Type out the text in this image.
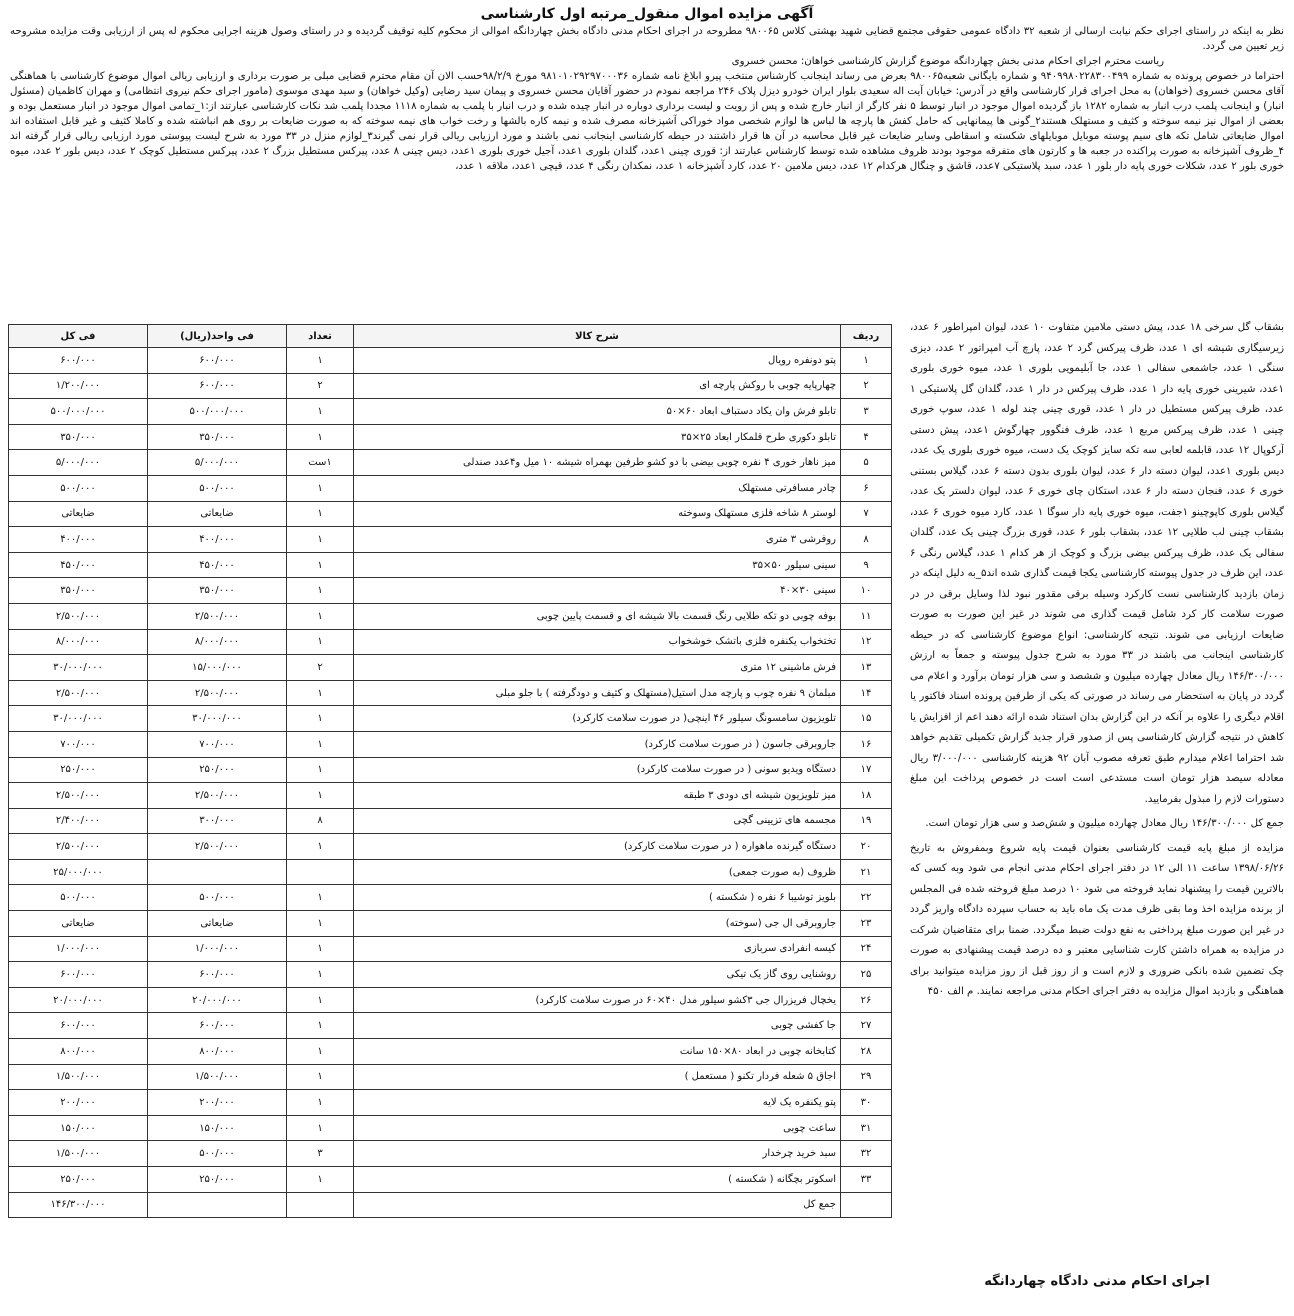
آگهی مزایده اموال منقول_مرتبه اول کارشناسی

نظر به اینکه در راستای اجرای حکم نیابت ارسالی از شعبه ۳۲ دادگاه عمومی حقوقی مجتمع قضایی شهید بهشتی کلاس ۹۸۰۰۶۵ مطروحه در اجرای احکام مدنی دادگاه بخش چهاردانگه اموالی از محکوم کلیه توقیف گردیده و در راستای وصول هزینه اجرایی محکوم له پس از ارزیابی وقت مزایده مشروحه زیر تعیین می گردد.

ریاست محترم اجرای احکام مدنی بخش چهاردانگه موضوع گزارش کارشناسی خواهان: محسن خسروی

احتراما در خصوص پرونده به شماره ۹۴۰۹۹۸۰۲۲۸۳۰۰۴۹۹ و شماره بایگانی شعبه۹۸۰۰۶۵ بعرض می رساند اینجانب کارشناس منتخب پیرو ابلاغ نامه شماره ۹۸۱۰۱۰۲۹۲۹۷۰۰۰۳۶ مورخ ۹۸/۲/۹حسب الان آن مقام محترم قضایی مبلی بر صورت برداری و ارزیابی ریالی اموال موضوع کارشناسی با هماهنگی آقای محسن خسروی (خواهان) به محل اجرای قرار کارشناسی واقع در آدرس: خیابان آیت اله سعیدی بلوار ایران خودرو دیزل پلاک ۲۴۶ مراجعه نمودم در حضور آقایان محسن خسروی و پیمان سید رضایی (وکیل خواهان) و سید مهدی موسوی (مامور اجرای حکم نیروی انتظامی) و مهران کاظمیان (مسئول انبار) و اینجانب پلمب درب انبار به شماره ۱۲۸۲ باز گردیده اموال موجود در انبار توسط ۵ نفر کارگر از انبار خارج شده و پس از رویت و لیست برداری دوباره در انبار چیده شده و درب انبار با پلمب به شماره ۱۱۱۸ مجددا پلمب شد نکات کارشناسی عبارتند از:۱_تمامی اموال موجود در انبار مستعمل بوده و بعضی از اموال نیز نیمه سوخته و کثیف و مستهلک هستند۲_گونی ها پیمانهایی که حامل کفش ها پارچه ها لباس ها لوازم شخصی مواد خوراکی آشپزخانه مصرف شده و نیمه کاره بالشها و رخت خواب های نیمه سوخته که به صورت ضایعات بر روی هم انباشته شده و کاملا کثیف و غیر قابل استفاده اند اموال ضایعاتی شامل تکه های سیم پوسته موبایل موبایلهای شکسته و اسقاطی وسایر ضایعات غیر قابل محاسبه در آن ها قرار داشتند در حیطه کارشناسی اینجانب نمی باشند و مورد ارزیابی ریالی قرار نمی گیرند۳_لوازم منزل در ۳۳ مورد به شرح لیست پیوستی مورد ارزیابی ریالی قرار گرفته اند ۴_ظروف آشپزخانه به صورت پراکنده در جعبه ها و کارتون های متفرقه موجود بودند ظروف مشاهده شده توسط کارشناس عبارتند از: قوری چینی ۱عدد، گلدان بلوری ۱عدد، آجیل خوری بلوری ۱عدد، دیس چینی ۸ عدد، پیرکس مستطیل بزرگ ۲ عدد، پیرکس مستطیل کوچک ۲ عدد، دیس بلور ۲ عدد، میوه خوری بلور ۲ عدد، شکلات خوری پایه دار بلور ۱ عدد، سبد پلاستیکی ۷عدد، قاشق و چنگال هرکدام ۱۲ عدد، دیس ملامین ۲۰ عدد، کارد آشپزخانه ۱ عدد، نمکدان رنگی ۴ عدد، قیچی ۱عدد، ملاقه ۱ عدد،

بشقاب گل سرخی ۱۸ عدد، پیش دستی ملامین متفاوت ۱۰ عدد، لیوان امپراطور ۶ عدد، زیرسیگاری شیشه ای ۱ عدد، ظرف پیرکس گرد ۲ عدد، پارچ آب امپراتور ۲ عدد، دیزی سنگی ۱ عدد، جاشمعی سفالی ۱ عدد، جا آبلیمویی بلوری ۱ عدد، میوه خوری بلوری ۱عدد، شیرینی خوری پایه دار ۱ عدد، ظرف پیرکس در دار ۱ عدد، گلدان گل پلاستیکی ۱ عدد، ظرف پیرکس مستطیل در دار ۱ عدد، قوری چینی چند لوله ۱ عدد، سوپ خوری چینی ۱ عدد، ظرف پیرکس مربع ۱ عدد، ظرف فنگوور چهارگوش ۱عدد، پیش دستی آرکوپال ۱۲ عدد، قابلمه لعابی سه تکه سایز کوچک یک دست، میوه خوری بلوری یک عدد، دیس بلوری ۱عدد، لیوان دسته دار ۶ عدد، لیوان بلوری بدون دسته ۶ عدد، گیلاس بستنی خوری ۶ عدد، فنجان دسته دار ۶ عدد، استکان چای خوری ۶ عدد، لیوان دلستر یک عدد، گیلاس بلوری کاپوچینو ۱جفت، میوه خوری پایه دار سوگا ۱ عدد، کارد میوه خوری ۶ عدد، بشقاب چینی لب طلایی ۱۲ عدد، بشقاب بلور ۶ عدد، قوری بزرگ چینی یک عدد، گلدان سفالی یک عدد، ظرف پیرکس بیضی بزرگ و کوچک از هر کدام ۱ عدد، گیلاس رنگی ۶ عدد، این ظرف در جدول پیوسته کارشناسی یکجا قیمت گذاری شده اند۵_به دلیل اینکه در زمان بازدید کارشناسی نست کارکرد وسیله برقی مقدور نبود لذا وسایل برقی در در صورت سلامت کار کرد شامل قیمت گذاری می شوند در غیر این صورت به صورت ضایعات ارزیابی می شوند. نتیجه کارشناسی: انواع موضوع کارشناسی که در حیطه کارشناسی اینجانب می باشند در ۳۳ مورد به شرح جدول پیوسته و جمعاً به ارزش ۱۴۶/۳۰۰/۰۰۰ ریال معادل چهارده میلیون و ششصد و سی هزار تومان برآورد و اعلام می گردد در پایان به استحضار می رساند در صورتی که یکی از طرفین پرونده اسناد فاکتور یا اقلام دیگری را علاوه بر آنکه در این گزارش بدان استناد شده ارائه دهند اعم از افزایش یا کاهش در نتیجه گزارش کارشناسی پس از صدور قرار جدید گزارش تکمیلی تقدیم خواهد شد احتراما اعلام میدارم طبق تعرفه مصوب آبان ۹۲ هزینه کارشناسی ۳/۰۰۰/۰۰۰ ریال معادله سیصد هزار تومان است مستدعی است است در خصوص پرداخت این مبلغ دستورات لازم را مبذول بفرمایید.

جمع کل ۱۴۶/۳۰۰/۰۰۰ ریال معادل چهارده میلیون و شش‌صد و سی هزار تومان است.

مزایده از مبلغ پایه قیمت کارشناسی بعنوان قیمت پایه شروع وبمفروش به تاریخ ۱۳۹۸/۰۶/۲۶ ساعت ۱۱ الی ۱۲ در دفتر اجرای احکام مدنی انجام می شود وبه کسی که بالاترین قیمت را پیشنهاد نماید فروخته می شود ۱۰ درصد مبلغ فروخته شده فی المجلس از برنده مزایده اخذ وما بقی ظرف مدت یک ماه باید به حساب سپرده دادگاه واریز گردد در غیر این صورت مبلغ پرداختی به نفع دولت ضبط میگردد. ضمنا برای متقاضیان شرکت در مزایده به همراه داشتن کارت شناسایی معتبر و ده درصد قیمت پیشنهادی به صورت چک تضمین شده بانکی ضروری و لازم است و از روز قبل از روز مزایده میتوانید برای هماهنگی و بازدید اموال مزایده به دفتر اجرای احکام مدنی مراجعه نمایند. م الف ۴۵۰

اجرای احکام مدنی دادگاه چهاردانگه
ردیف	شرح کالا	تعداد	فی واحد(ریال)	فی کل
۱	پتو دونفره رویال	۱	۶۰۰/۰۰۰	۶۰۰/۰۰۰
۲	چهارپایه چوبی با روکش پارچه ای	۲	۶۰۰/۰۰۰	۱/۲۰۰/۰۰۰
۳	تابلو فرش وان یکاد دستباف ابعاد ۶۰×۵۰	۱	۵۰۰/۰۰۰/۰۰۰	۵۰۰/۰۰۰/۰۰۰
۴	تابلو دکوری طرح قلمکار ابعاد ۲۵×۳۵	۱	۳۵۰/۰۰۰	۳۵۰/۰۰۰
۵	میز ناهار خوری ۴ نفره چوبی بیضی با دو کشو طرفین بهمراه شیشه ۱۰ میل و۴عدد صندلی	۱ست	۵/۰۰۰/۰۰۰	۵/۰۰۰/۰۰۰
۶	چادر مسافرتی مستهلک	۱	۵۰۰/۰۰۰	۵۰۰/۰۰۰
۷	لوستر ۸ شاخه فلزی مستهلک وسوخته	۱	ضایعاتی	ضایعاتی
۸	روفرشی ۳ متری	۱	۴۰۰/۰۰۰	۴۰۰/۰۰۰
۹	سینی سیلور ۵۰×۳۵	۱	۴۵۰/۰۰۰	۴۵۰/۰۰۰
۱۰	سینی ۳۰×۴۰	۱	۳۵۰/۰۰۰	۳۵۰/۰۰۰
۱۱	بوفه چوبی دو تکه طلایی رنگ قسمت بالا شیشه ای و قسمت پایین چوبی	۱	۲/۵۰۰/۰۰۰	۲/۵۰۰/۰۰۰
۱۲	تختخواب یکنفره فلزی باتشک خوشخواب	۱	۸/۰۰۰/۰۰۰	۸/۰۰۰/۰۰۰
۱۳	فرش ماشینی ۱۲ متری	۲	۱۵/۰۰۰/۰۰۰	۳۰/۰۰۰/۰۰۰
۱۴	مبلمان ۹ نفره چوب و پارچه مدل استیل(مستهلک و کثیف و دودگرفته ) با جلو مبلی	۱	۲/۵۰۰/۰۰۰	۲/۵۰۰/۰۰۰
۱۵	تلویزیون سامسونگ سیلور ۴۶ اینچی( در صورت سلامت کارکرد)	۱	۳۰/۰۰۰/۰۰۰	۳۰/۰۰۰/۰۰۰
۱۶	جاروبرقی جاسون ( در صورت سلامت کارکرد)	۱	۷۰۰/۰۰۰	۷۰۰/۰۰۰
۱۷	دستگاه ویدیو سونی ( در صورت سلامت کارکرد)	۱	۲۵۰/۰۰۰	۲۵۰/۰۰۰
۱۸	میز تلویزیون شیشه ای دودی ۳ طبقه	۱	۲/۵۰۰/۰۰۰	۲/۵۰۰/۰۰۰
۱۹	مجسمه های تزیینی گچی	۸	۳۰۰/۰۰۰	۲/۴۰۰/۰۰۰
۲۰	دستگاه گیرنده ماهواره ( در صورت سلامت کارکرد)	۱	۲/۵۰۰/۰۰۰	۲/۵۰۰/۰۰۰
۲۱	ظروف (به صورت جمعی)			۲۵/۰۰۰/۰۰۰
۲۲	بلویز توشیبا ۶ نفره ( شکسته )	۱	۵۰۰/۰۰۰	۵۰۰/۰۰۰
۲۳	جاروبرقی ال جی (سوخته)	۱	ضایعاتی	ضایعاتی
۲۴	کیسه انفرادی سربازی	۱	۱/۰۰۰/۰۰۰	۱/۰۰۰/۰۰۰
۲۵	روشنایی روی گاز یک تیکی	۱	۶۰۰/۰۰۰	۶۰۰/۰۰۰
۲۶	یخچال فریزرال جی ۳کشو سیلور مدل ۴۰×۶۰ در صورت سلامت کارکرد)	۱	۲۰/۰۰۰/۰۰۰	۲۰/۰۰۰/۰۰۰
۲۷	جا کفشی چوبی	۱	۶۰۰/۰۰۰	۶۰۰/۰۰۰
۲۸	کتابخانه چوبی در ابعاد ۸۰×۱۵۰ سانت	۱	۸۰۰/۰۰۰	۸۰۰/۰۰۰
۲۹	اجاق ۵ شعله فردار تکنو ( مستعمل )	۱	۱/۵۰۰/۰۰۰	۱/۵۰۰/۰۰۰
۳۰	پتو یکنفره یک لایه	۱	۲۰۰/۰۰۰	۲۰۰/۰۰۰
۳۱	ساعت چوبی	۱	۱۵۰/۰۰۰	۱۵۰/۰۰۰
۳۲	سبد خرید چرخدار	۳	۵۰۰/۰۰۰	۱/۵۰۰/۰۰۰
۳۳	اسکوتر بچگانه ( شکسته )	۱	۲۵۰/۰۰۰	۲۵۰/۰۰۰
	جمع کل			۱۴۶/۳۰۰/۰۰۰
